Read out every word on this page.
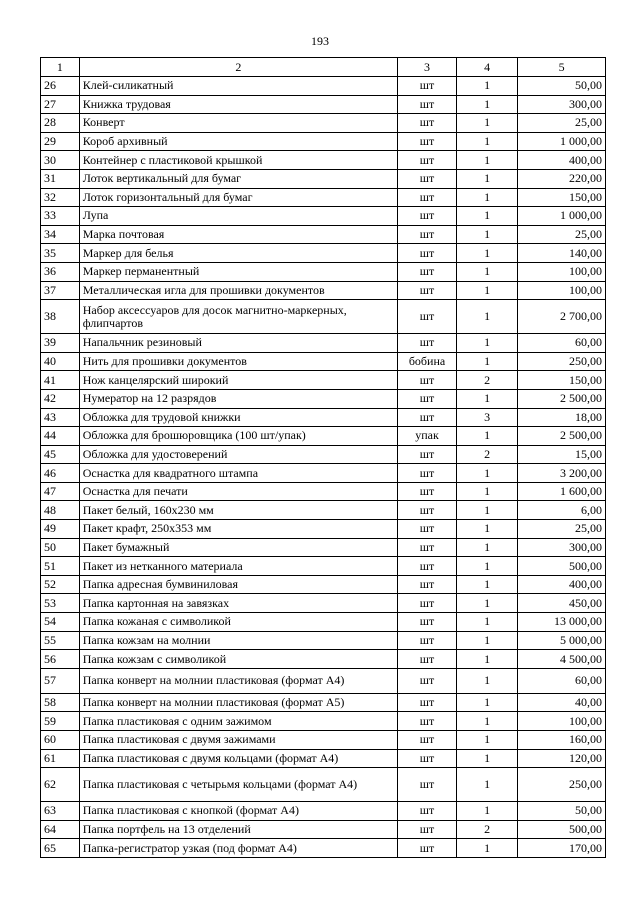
193
1	2	3	4	5
26	Клей-силикатный	шт	1	50,00
27	Книжка трудовая	шт	1	300,00
28	Конверт	шт	1	25,00
29	Короб архивный	шт	1	1 000,00
30	Контейнер с пластиковой крышкой	шт	1	400,00
31	Лоток вертикальный для бумаг	шт	1	220,00
32	Лоток горизонтальный для бумаг	шт	1	150,00
33	Лупа	шт	1	1 000,00
34	Марка почтовая	шт	1	25,00
35	Маркер для белья	шт	1	140,00
36	Маркер перманентный	шт	1	100,00
37	Металлическая игла для прошивки документов	шт	1	100,00
38	Набор аксессуаров для досок магнитно-маркерных, флипчартов	шт	1	2 700,00
39	Напальчник резиновый	шт	1	60,00
40	Нить для прошивки документов	бобина	1	250,00
41	Нож канцелярский широкий	шт	2	150,00
42	Нумератор на 12 разрядов	шт	1	2 500,00
43	Обложка для трудовой книжки	шт	3	18,00
44	Обложка для брошюровщика (100 шт/упак)	упак	1	2 500,00
45	Обложка для удостоверений	шт	2	15,00
46	Оснастка для квадратного штампа	шт	1	3 200,00
47	Оснастка для печати	шт	1	1 600,00
48	Пакет белый, 160х230 мм	шт	1	6,00
49	Пакет крафт, 250х353 мм	шт	1	25,00
50	Пакет бумажный	шт	1	300,00
51	Пакет из нетканного материала	шт	1	500,00
52	Папка адресная бумвиниловая	шт	1	400,00
53	Папка картонная на завязках	шт	1	450,00
54	Папка кожаная с символикой	шт	1	13 000,00
55	Папка кожзам на молнии	шт	1	5 000,00
56	Папка кожзам с символикой	шт	1	4 500,00
57	Папка конверт на молнии пластиковая (формат А4)	шт	1	60,00
58	Папка конверт на молнии пластиковая (формат А5)	шт	1	40,00
59	Папка пластиковая с одним зажимом	шт	1	100,00
60	Папка пластиковая с двумя зажимами	шт	1	160,00
61	Папка пластиковая с двумя кольцами (формат А4)	шт	1	120,00
62	Папка пластиковая с четырьмя кольцами (формат А4)	шт	1	250,00
63	Папка пластиковая с кнопкой (формат А4)	шт	1	50,00
64	Папка портфель на 13 отделений	шт	2	500,00
65	Папка-регистратор узкая (под формат А4)	шт	1	170,00
